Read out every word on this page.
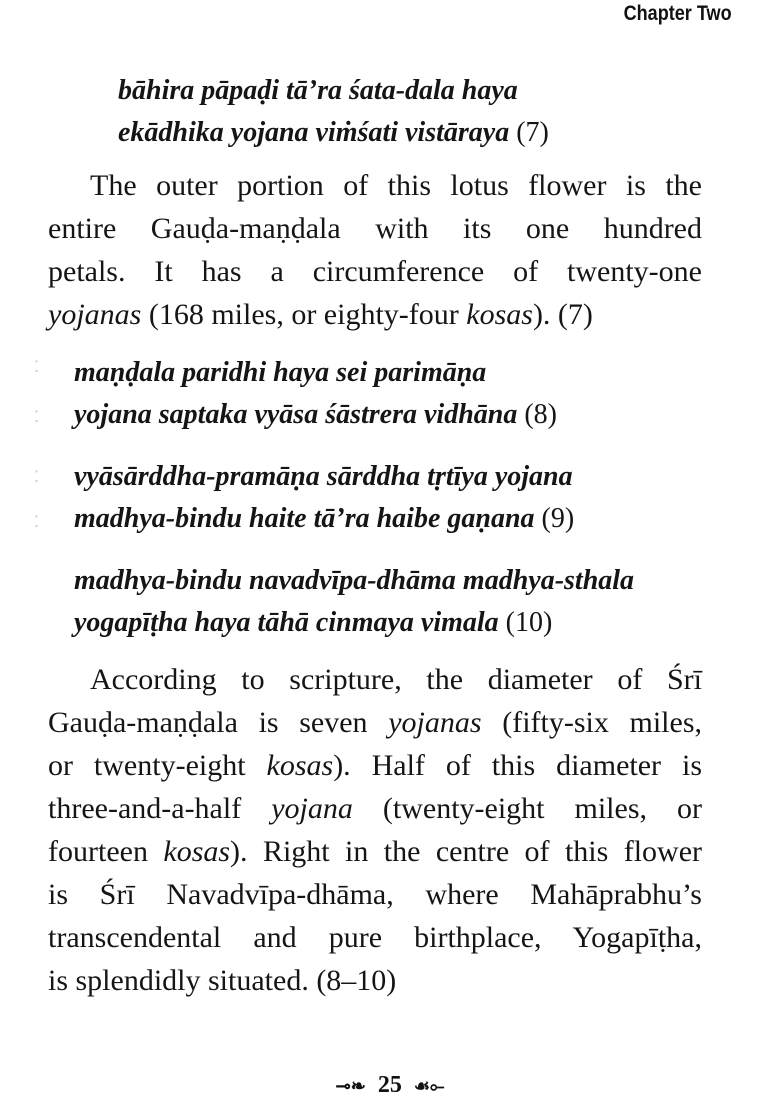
Chapter Two
bāhira pāpaḍi tā’ra śata-dala haya
ekādhika yojana viṁśati vistāraya (7)
The outer portion of this lotus flower is the
entire Gauḍa-maṇḍala with its one hundred
petals. It has a circumference of twenty-one
yojanas (168 miles, or eighty-four kosas). (7)
⁚
⁚
⁚
⁚
maṇḍala paridhi haya sei parimāṇa
yojana saptaka vyāsa śāstrera vidhāna (8)
vyāsārddha-pramāṇa sārddha tṛtīya yojana
madhya-bindu haite tā’ra haibe gaṇana (9)
madhya-bindu navadvīpa-dhāma madhya-sthala
yogapīṭha haya tāhā cinmaya vimala (10)
According to scripture, the diameter of Śrī
Gauḍa-maṇḍala is seven yojanas (fifty-six miles,
or twenty-eight kosas). Half of this diameter is
three-and-a-half yojana (twenty-eight miles, or
fourteen kosas). Right in the centre of this flower
is Śrī Navadvīpa-dhāma, where Mahāprabhu’s
transcendental and pure birthplace, Yogapīṭha,
is splendidly situated. (8–10)
⊸❧ 25 ☙⟜
